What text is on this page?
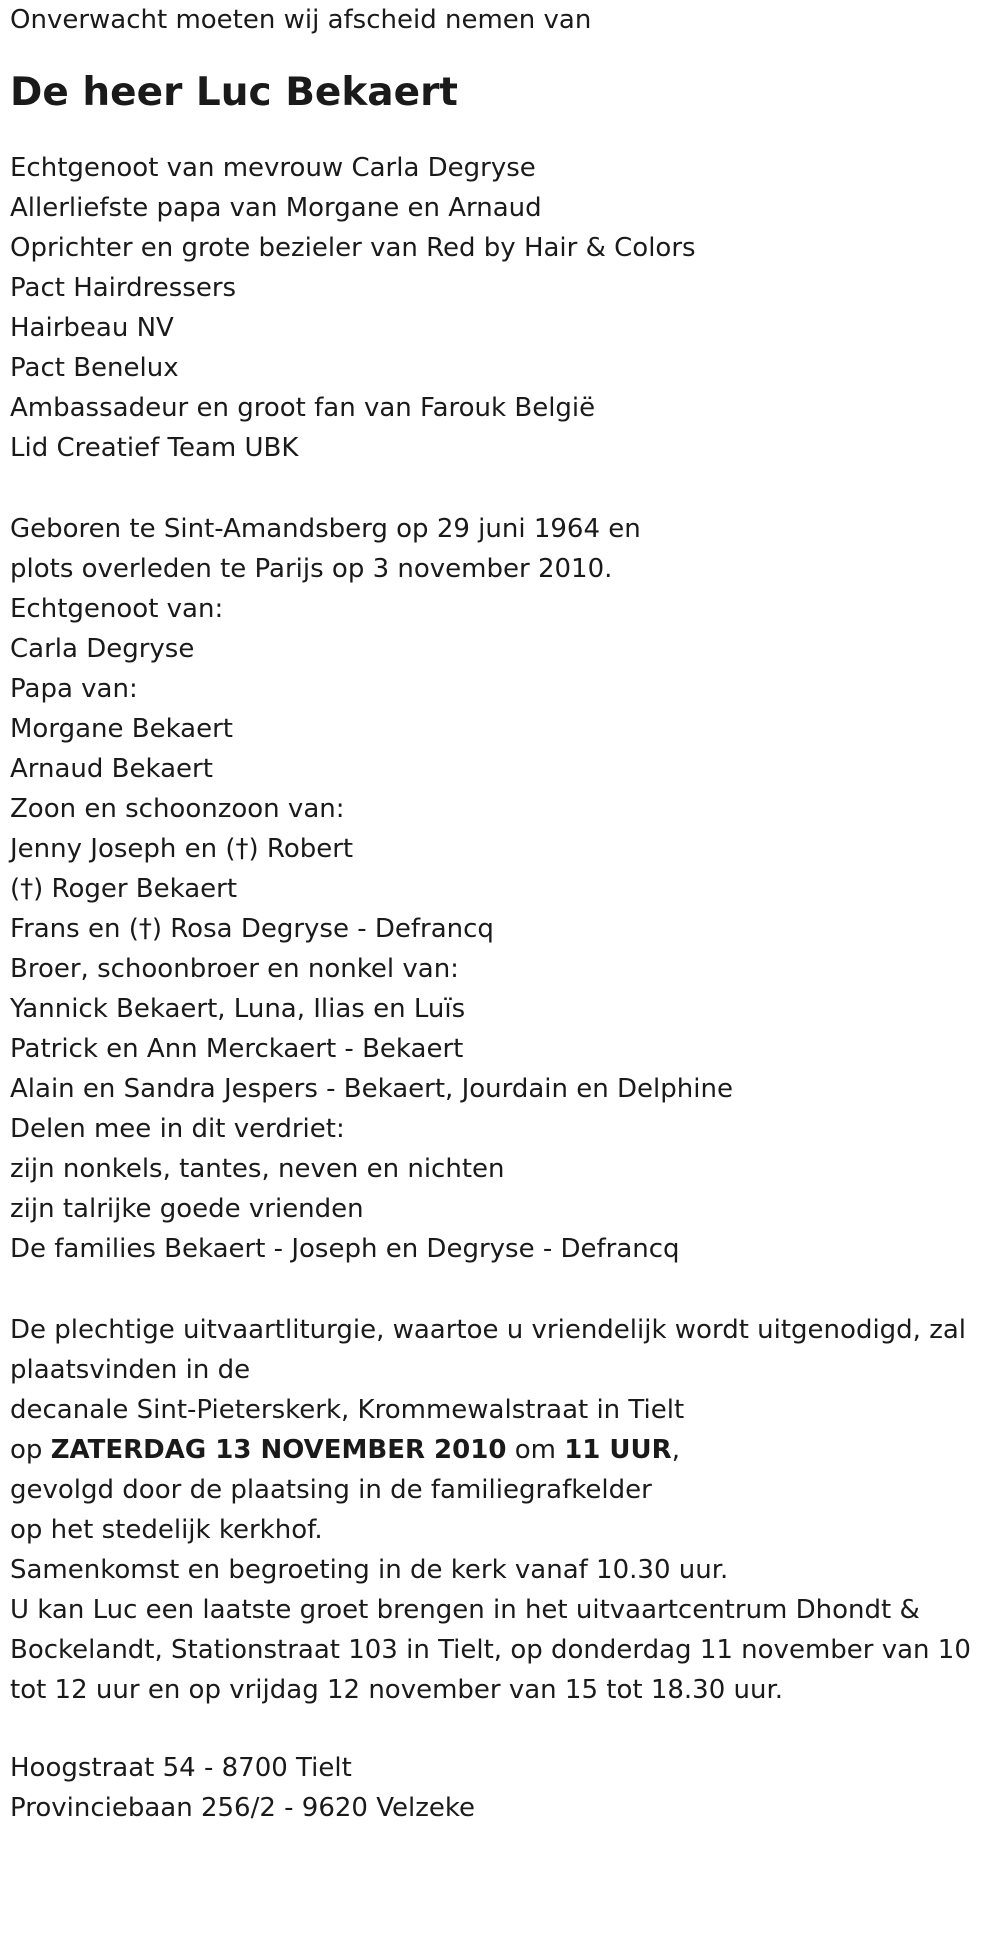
Onverwacht moeten wij afscheid nemen van
De heer Luc Bekaert
Echtgenoot van mevrouw Carla Degryse
Allerliefste papa van Morgane en Arnaud
Oprichter en grote bezieler van Red by Hair & Colors
Pact Hairdressers
Hairbeau NV
Pact Benelux
Ambassadeur en groot fan van Farouk België
Lid Creatief Team UBK
Geboren te Sint-Amandsberg op 29 juni 1964 en
plots overleden te Parijs op 3 november 2010.
Echtgenoot van:
Carla Degryse
Papa van:
Morgane Bekaert
Arnaud Bekaert
Zoon en schoonzoon van:
Jenny Joseph en (†) Robert
(†) Roger Bekaert
Frans en (†) Rosa Degryse - Defrancq
Broer, schoonbroer en nonkel van:
Yannick Bekaert, Luna, Ilias en Luïs
Patrick en Ann Merckaert - Bekaert
Alain en Sandra Jespers - Bekaert, Jourdain en Delphine
Delen mee in dit verdriet:
zijn nonkels, tantes, neven en nichten
zijn talrijke goede vrienden
De families Bekaert - Joseph en Degryse - Defrancq
De plechtige uitvaartliturgie, waartoe u vriendelijk wordt uitgenodigd, zal
plaatsvinden in de
decanale Sint-Pieterskerk, Krommewalstraat in Tielt
op ZATERDAG 13 NOVEMBER 2010 om 11 UUR,
gevolgd door de plaatsing in de familiegrafkelder
op het stedelijk kerkhof.
Samenkomst en begroeting in de kerk vanaf 10.30 uur.
U kan Luc een laatste groet brengen in het uitvaartcentrum Dhondt &
Bockelandt, Stationstraat 103 in Tielt, op donderdag 11 november van 10
tot 12 uur en op vrijdag 12 november van 15 tot 18.30 uur.
Hoogstraat 54 - 8700 Tielt
Provinciebaan 256/2 - 9620 Velzeke
